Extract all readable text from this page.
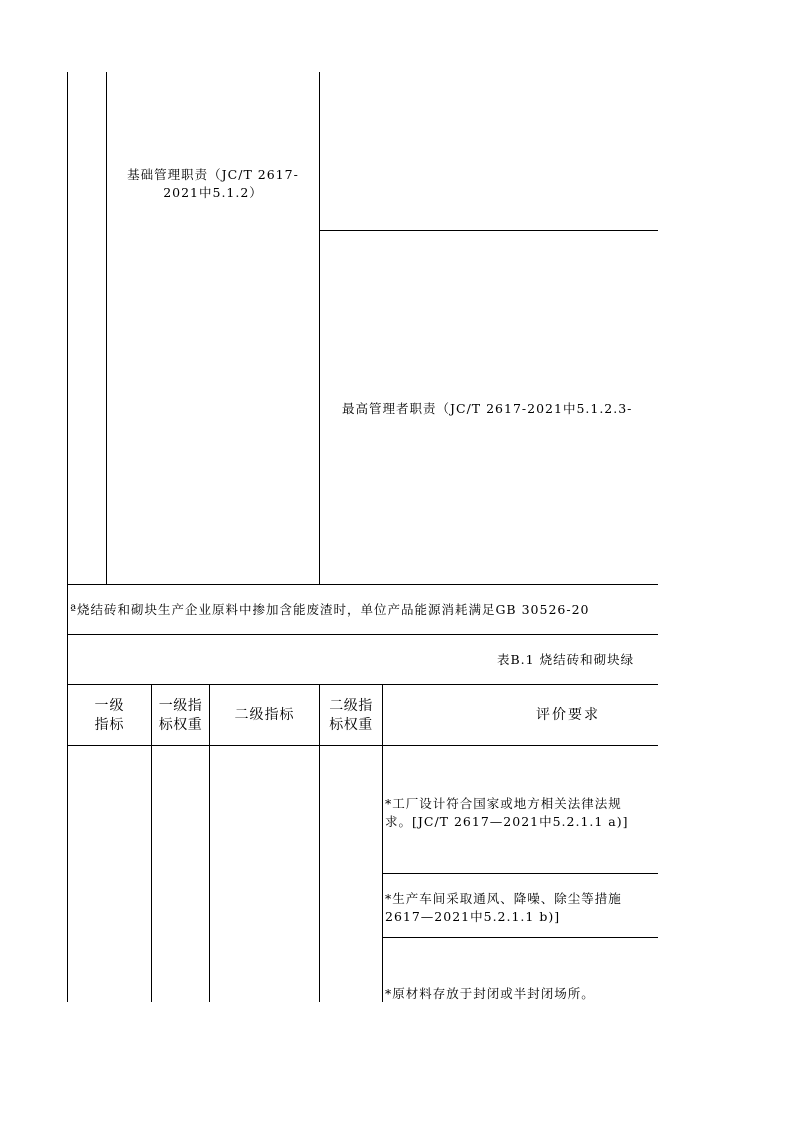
基础管理职责（JC/T 2617-
2021中5.1.2）
最高管理者职责（JC/T 2617-2021中5.1.2.3-
ª烧结砖和砌块生产企业原料中掺加含能废渣时，单位产品能源消耗满足GB 30526-20
表B.1 烧结砖和砌块绿
一级
指标
一级指
标权重
二级指标
二级指
标权重
评价要求
*工厂设计符合国家或地方相关法律法规
求。[JC/T 2617—2021中5.2.1.1 a)]
*生产车间采取通风、降噪、除尘等措施
2617—2021中5.2.1.1 b)]
*原材料存放于封闭或半封闭场所。
